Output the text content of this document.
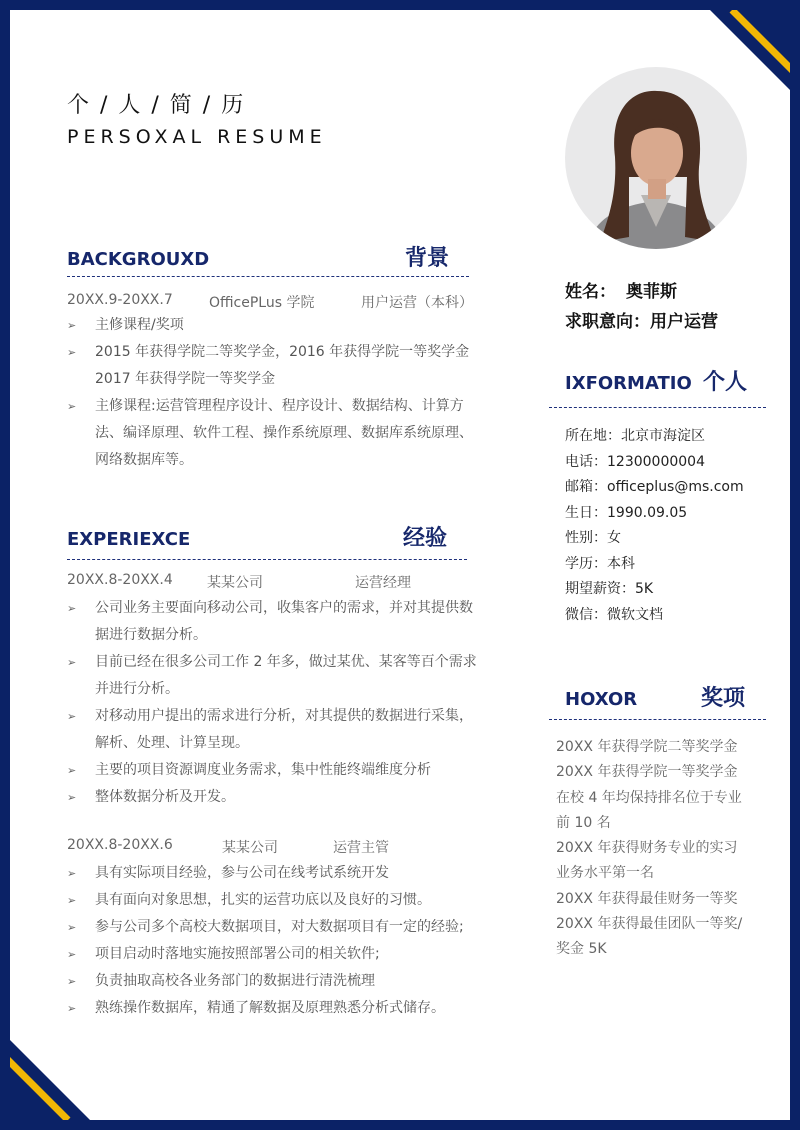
个 / 人 / 简 / 历
PERSOXAL RESUME
BACKGROUXD	背景
20XX.9-20XX.7	OfficePLus 学院	用户运营（本科）
➢ 主修课程/奖项
➢ 2015 年获得学院二等奖学金，2016 年获得学院一等奖学金 2017 年获得学院一等奖学金
➢ 主修课程:运营管理程序设计、程序设计、数据结构、计算方法、编译原理、软件工程、操作系统原理、数据库系统原理、网络数据库等。
EXPERIEXCE	经验
20XX.8-20XX.4 某某公司	运营经理
➢ 公司业务主要面向移动公司，收集客户的需求，并对其提供数据进行数据分析。
➢ 目前已经在很多公司工作 2 年多，做过某优、某客等百个需求并进行分析。
➢ 对移动用户提出的需求进行分析，对其提供的数据进行采集，解析、处理、计算呈现。
➢ 主要的项目资源调度业务需求，集中性能终端维度分析
➢ 整体数据分析及开发。
20XX.8-20XX.6	某某公司	运营主管
➢ 具有实际项目经验，参与公司在线考试系统开发
➢ 具有面向对象思想，扎实的运营功底以及良好的习惯。
➢ 参与公司多个高校大数据项目，对大数据项目有一定的经验;
➢ 项目启动时落地实施按照部署公司的相关软件;
➢ 负责抽取高校各业务部门的数据进行清洗梳理
➢ 熟练操作数据库，精通了解数据及原理熟悉分析式储存。
姓名： 奥菲斯
求职意向：用户运营
IXFORMATIO 个人
所在地：北京市海淀区
电话：12300000004
邮箱：officeplus@ms.com
生日：1990.09.05
性别：女
学历：本科
期望薪资：5K
微信：微软文档
HOXOR	奖项
20XX 年获得学院二等奖学金
20XX 年获得学院一等奖学金
在校 4 年均保持排名位于专业
前 10 名
20XX 年获得财务专业的实习
业务水平第一名
20XX 年获得最佳财务一等奖
20XX 年获得最佳团队一等奖/
奖金 5K
